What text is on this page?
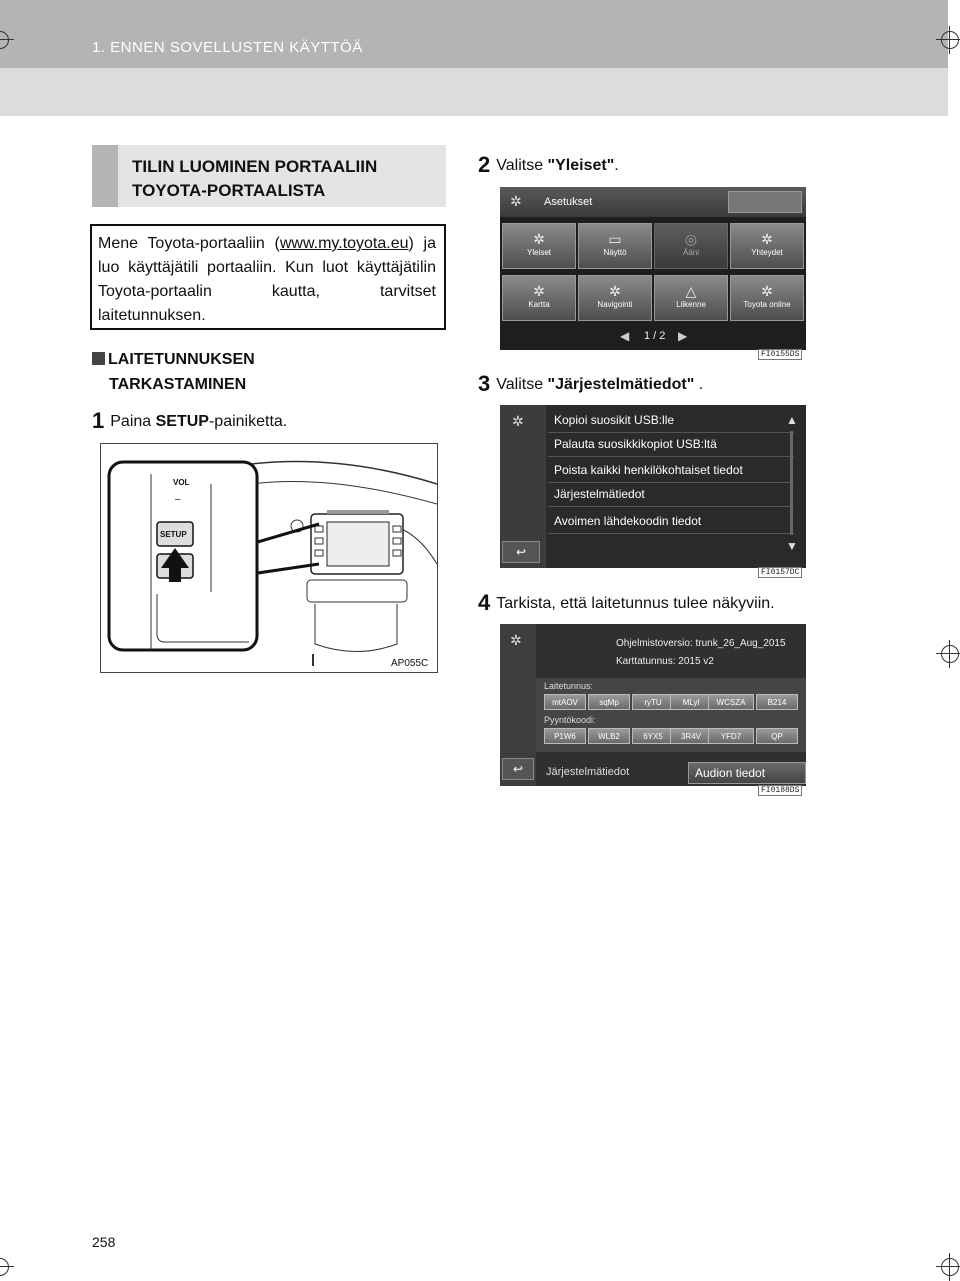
1. ENNEN SOVELLUSTEN KÄYTTÖÄ
TILIN LUOMINEN PORTAALIIN
TOYOTA-PORTAALISTA
Mene Toyota-portaaliin (www.my.toyota.eu) ja luo käyttäjätili portaaliin. Kun luot käyttäjätilin Toyota-portaalin kautta, tarvitset laitetunnuksen.
LAITETUNNUKSEN
TARKASTAMINEN
1 Paina SETUP-painiketta.
VOL
–
SETUP
AP055C
2 Valitse "Yleiset".
✲ Asetukset
✲
Yleiset
▭
Näyttö
◎
Ääni
✲
Yhteydet
✲
Kartta
✲
Navigointi
△
Liikenne
✲
Toyota online
◀ 1 / 2 ▶
FI0155DS
3 Valitse "Järjestelmätiedot" .
✲	Kopioi suosikit USB:lle
Palauta suosikkikopiot USB:ltä
Poista kaikki henkilökohtaiset tiedot
Järjestelmätiedot
Avoimen lähdekoodin tiedot
▲
▼
↩
FI0157DC
4 Tarkista, että laitetunnus tulee näkyviin.
✲	Ohjelmistoversio: trunk_26_Aug_2015
Karttatunnus: 2015 v2
Laitetunnus:
mtAOV	sqMp	ryTU	MLyl	WCSZA	B214
Pyyntökoodi:
P1W6	WLB2	6YX5	3R4V	YFD7	QP
↩	Järjestelmätiedot	Audion tiedot
FI0188DS
258
